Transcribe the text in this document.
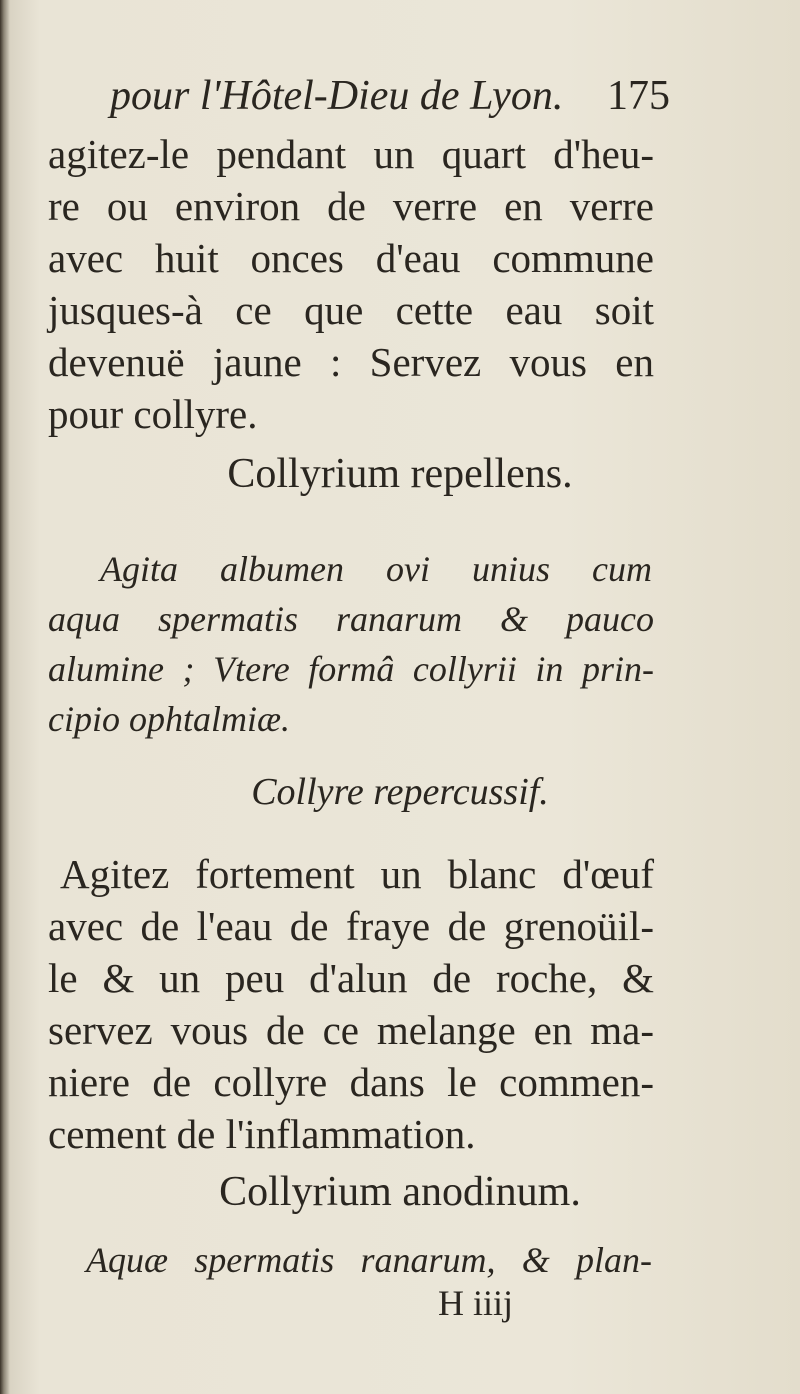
pour l'Hôtel-Dieu de Lyon. 175
agitez-le pendant un quart d'heu-
re ou environ de verre en verre
avec huit onces d'eau commune
jusques-à ce que cette eau soit
devenuë jaune : Servez vous en
pour collyre.
Collyrium repellens.
Agita albumen ovi unius cum
aqua spermatis ranarum & pauco
alumine ; Vtere formâ collyrii in prin-
cipio ophtalmiæ.
Collyre repercussif.
Agitez fortement un blanc d'œuf
avec de l'eau de fraye de grenoüil-
le & un peu d'alun de roche, &
servez vous de ce melange en ma-
niere de collyre dans le commen-
cement de l'inflammation.
Collyrium anodinum.
Aquæ spermatis ranarum, & plan-
H iiij
